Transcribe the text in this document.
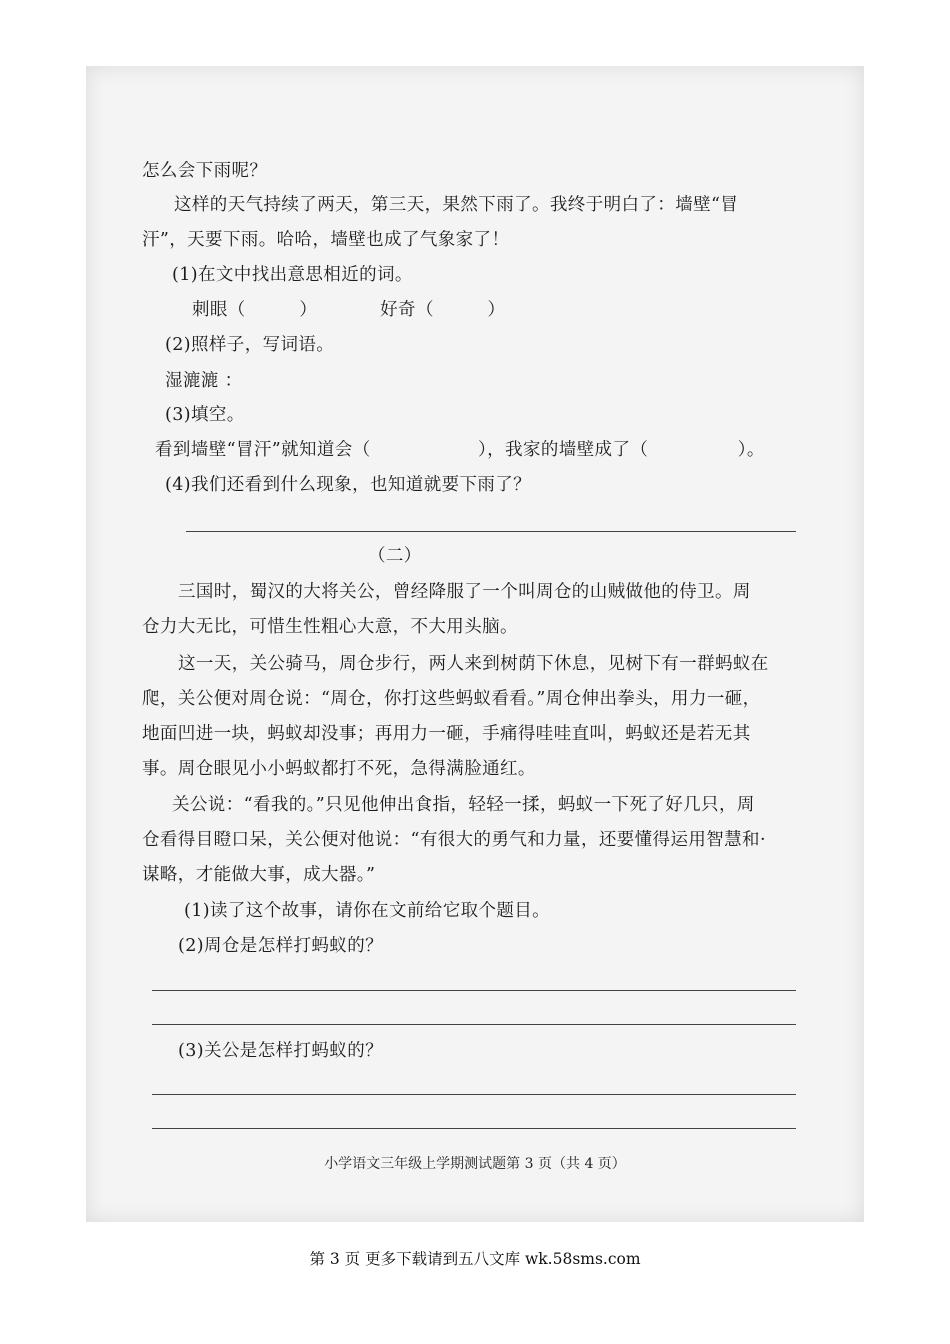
怎么会下雨呢？
这样的天气持续了两天，第三天，果然下雨了。我终于明白了：墙壁“冒
汗”，天要下雨。哈哈，墙壁也成了气象家了！
(1)在文中找出意思相近的词。
刺眼（　　　）　　　　好奇（　　　）
(2)照样子，写词语。
湿漉漉 ：
(3)填空。
看到墙壁“冒汗”就知道会（　　　　　　），我家的墙壁成了（　　　　　）。
(4)我们还看到什么现象，也知道就要下雨了？
（二）
三国时，蜀汉的大将关公，曾经降服了一个叫周仓的山贼做他的侍卫。周
仓力大无比，可惜生性粗心大意，不大用头脑。
这一天，关公骑马，周仓步行，两人来到树荫下休息，见树下有一群蚂蚁在
爬，关公便对周仓说：“周仓，你打这些蚂蚁看看。”周仓伸出拳头，用力一砸，
地面凹进一块，蚂蚁却没事；再用力一砸，手痛得哇哇直叫，蚂蚁还是若无其
事。周仓眼见小小蚂蚁都打不死，急得满脸通红。
关公说：“看我的。”只见他伸出食指，轻轻一揉，蚂蚁一下死了好几只，周
仓看得目瞪口呆，关公便对他说：“有很大的勇气和力量，还要懂得运用智慧和·
谋略，才能做大事，成大器。”
(1)读了这个故事，请你在文前给它取个题目。
(2)周仓是怎样打蚂蚁的？
(3)关公是怎样打蚂蚁的？
小学语文三年级上学期测试题第 3 页（共 4 页）
第 3 页 更多下载请到五八文库 wk.58sms.com
